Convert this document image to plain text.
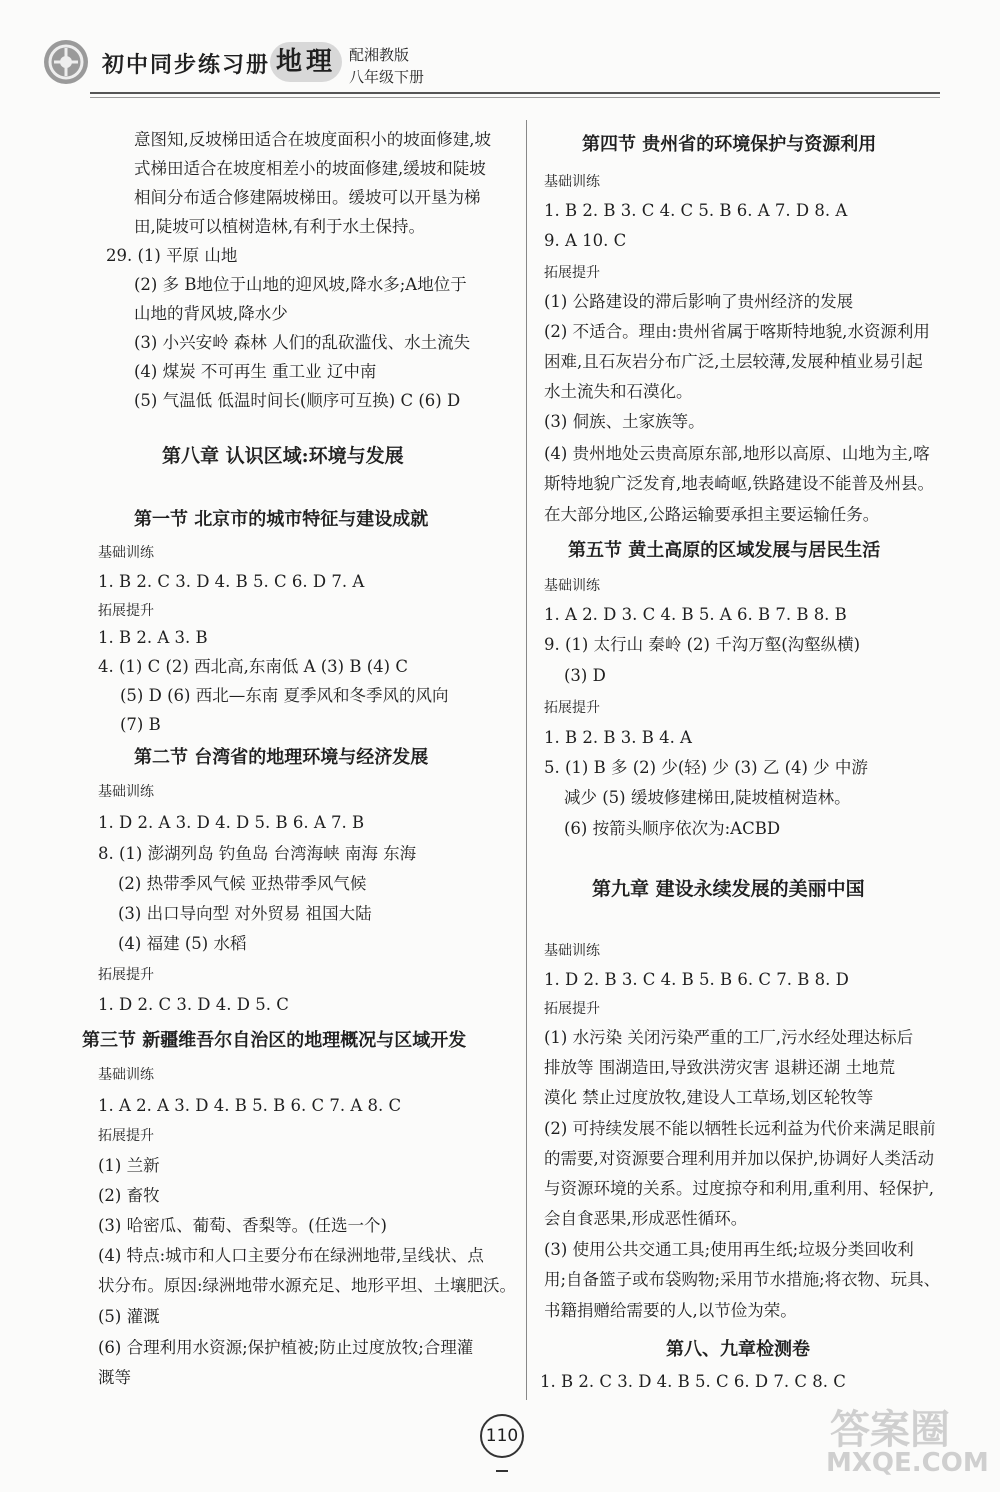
初中同步练习册 地理 配湘教版
八年级下册
意图知,反坡梯田适合在坡度面积小的坡面修建,坡
式梯田适合在坡度相差小的坡面修建,缓坡和陡坡
相间分布适合修建隔坡梯田。缓坡可以开垦为梯
田,陡坡可以植树造林,有利于水土保持。
29. (1) 平原 山地
(2) 多 B地位于山地的迎风坡,降水多;A地位于
山地的背风坡,降水少
(3) 小兴安岭 森林 人们的乱砍滥伐、水土流失
(4) 煤炭 不可再生 重工业 辽中南
(5) 气温低 低温时间长(顺序可互换) C (6) D
第八章 认识区域:环境与发展
第一节 北京市的城市特征与建设成就
基础训练
1. B 2. C 3. D 4. B 5. C 6. D 7. A
拓展提升
1. B 2. A 3. B
4. (1) C (2) 西北高,东南低 A (3) B (4) C
(5) D (6) 西北—东南 夏季风和冬季风的风向
(7) B
第二节 台湾省的地理环境与经济发展
基础训练
1. D 2. A 3. D 4. D 5. B 6. A 7. B
8. (1) 澎湖列岛 钓鱼岛 台湾海峡 南海 东海
(2) 热带季风气候 亚热带季风气候
(3) 出口导向型 对外贸易 祖国大陆
(4) 福建 (5) 水稻
拓展提升
1. D 2. C 3. D 4. D 5. C
第三节 新疆维吾尔自治区的地理概况与区域开发
基础训练
1. A 2. A 3. D 4. B 5. B 6. C 7. A 8. C
拓展提升
(1) 兰新
(2) 畜牧
(3) 哈密瓜、葡萄、香梨等。(任选一个)
(4) 特点:城市和人口主要分布在绿洲地带,呈线状、点
状分布。原因:绿洲地带水源充足、地形平坦、土壤肥沃。
(5) 灌溉
(6) 合理利用水资源;保护植被;防止过度放牧;合理灌
溉等
第四节 贵州省的环境保护与资源利用
基础训练
1. B 2. B 3. C 4. C 5. B 6. A 7. D 8. A
9. A 10. C
拓展提升
(1) 公路建设的滞后影响了贵州经济的发展
(2) 不适合。理由:贵州省属于喀斯特地貌,水资源利用
困难,且石灰岩分布广泛,土层较薄,发展种植业易引起
水土流失和石漠化。
(3) 侗族、土家族等。
(4) 贵州地处云贵高原东部,地形以高原、山地为主,喀
斯特地貌广泛发育,地表崎岖,铁路建设不能普及州县。
在大部分地区,公路运输要承担主要运输任务。
第五节 黄土高原的区域发展与居民生活
基础训练
1. A 2. D 3. C 4. B 5. A 6. B 7. B 8. B
9. (1) 太行山 秦岭 (2) 千沟万壑(沟壑纵横)
(3) D
拓展提升
1. B 2. B 3. B 4. A
5. (1) B 多 (2) 少(轻) 少 (3) 乙 (4) 少 中游
减少 (5) 缓坡修建梯田,陡坡植树造林。
(6) 按箭头顺序依次为:ACBD
第九章 建设永续发展的美丽中国
基础训练
1. D 2. B 3. C 4. B 5. B 6. C 7. B 8. D
拓展提升
(1) 水污染 关闭污染严重的工厂,污水经处理达标后
排放等 围湖造田,导致洪涝灾害 退耕还湖 土地荒
漠化 禁止过度放牧,建设人工草场,划区轮牧等
(2) 可持续发展不能以牺牲长远利益为代价来满足眼前
的需要,对资源要合理利用并加以保护,协调好人类活动
与资源环境的关系。过度掠夺和利用,重利用、轻保护,
会自食恶果,形成恶性循环。
(3) 使用公共交通工具;使用再生纸;垃圾分类回收利
用;自备篮子或布袋购物;采用节水措施;将衣物、玩具、
书籍捐赠给需要的人,以节俭为荣。
第八、九章检测卷
1. B 2. C 3. D 4. B 5. C 6. D 7. C 8. C
110	答案圈
MXQE.COM
